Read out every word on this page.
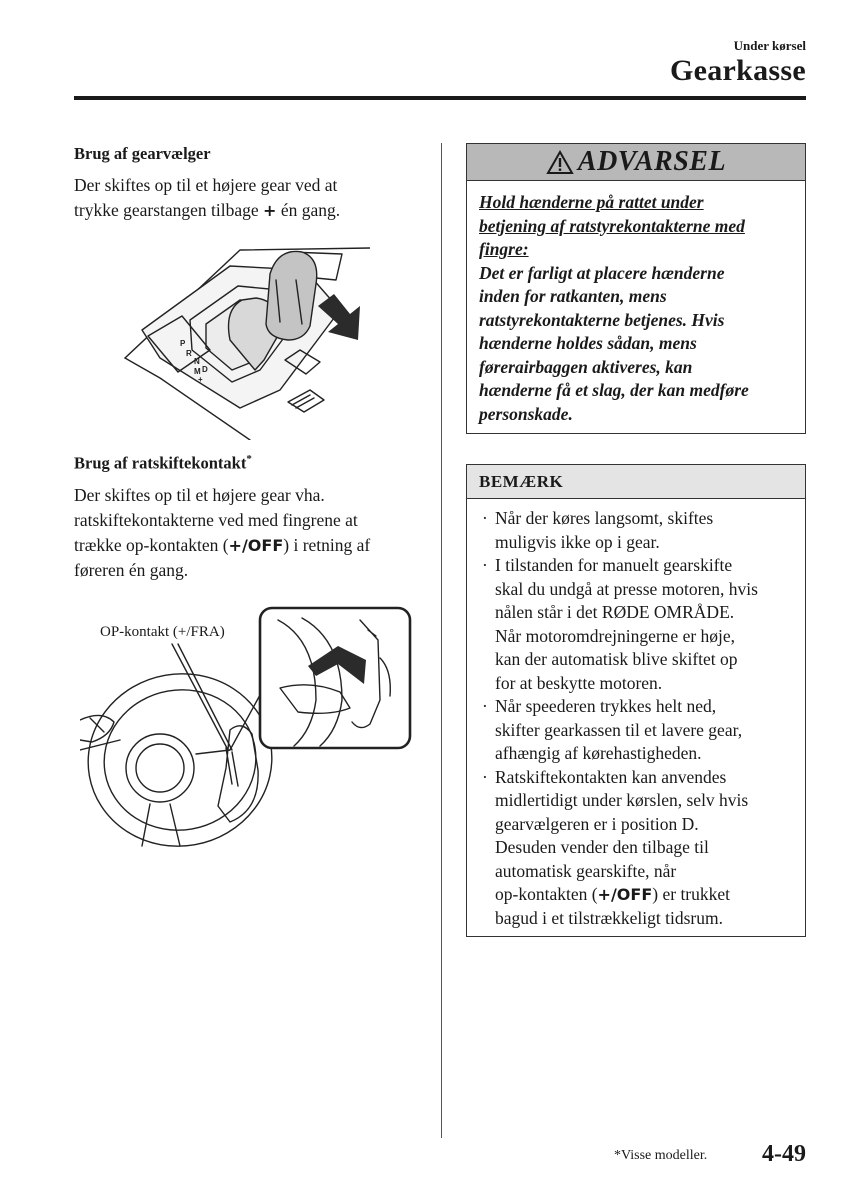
Under kørsel
Gearkasse
Brug af gearvælger
Der skiftes op til et højere gear ved at
trykke gearstangen tilbage + én gang.
P
R
N
D
M
+
Brug af ratskiftekontakt*
Der skiftes op til et højere gear vha.
ratskiftekontakterne ved med fingrene at
trække op-kontakten (+/OFF) i retning af
føreren én gang.
OP-kontakt (+/FRA)
ADVARSEL
Hold hænderne på rattet under
betjening af ratstyrekontakterne med
fingre:
Det er farligt at placere hænderne
inden for ratkanten, mens
ratstyrekontakterne betjenes. Hvis
hænderne holdes sådan, mens
førerairbaggen aktiveres, kan
hænderne få et slag, der kan medføre
personskade.
BEMÆRK
· Når der køres langsomt, skiftes
muligvis ikke op i gear.
· I tilstanden for manuelt gearskifte
skal du undgå at presse motoren, hvis
nålen står i det RØDE OMRÅDE.
Når motoromdrejningerne er høje,
kan der automatisk blive skiftet op
for at beskytte motoren.
· Når speederen trykkes helt ned,
skifter gearkassen til et lavere gear,
afhængig af kørehastigheden.
· Ratskiftekontakten kan anvendes
midlertidigt under kørslen, selv hvis
gearvælgeren er i position D.
Desuden vender den tilbage til
automatisk gearskifte, når
op-kontakten (+/OFF) er trukket
bagud i et tilstrækkeligt tidsrum.
*Visse modeller. 4-49
